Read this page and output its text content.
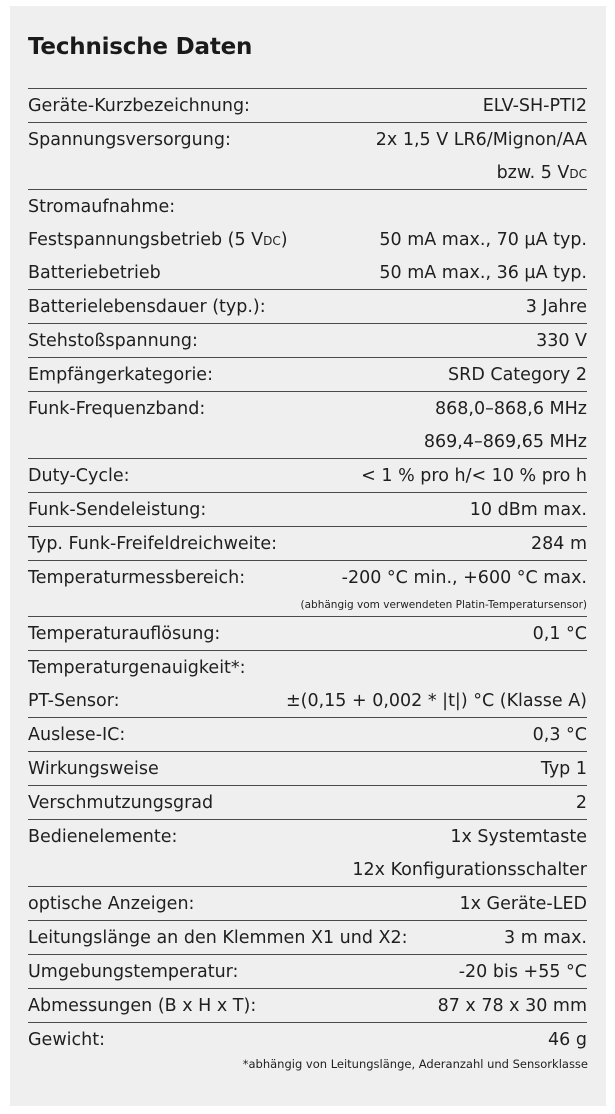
Technische Daten
Geräte-Kurzbezeichnung:	ELV-SH-PTI2
Spannungsversorgung:	2x 1,5 V LR6/Mignon/AA
bzw. 5 VDC
Stromaufnahme:
Festspannungsbetrieb (5 VDC)	50 mA max., 70 µA typ.
Batteriebetrieb	50 mA max., 36 µA typ.
Batterielebensdauer (typ.):	3 Jahre
Stehstoßspannung:	330 V
Empfängerkategorie:	SRD Category 2
Funk-Frequenzband:	868,0–868,6 MHz
869,4–869,65 MHz
Duty-Cycle:	< 1 % pro h/< 10 % pro h
Funk-Sendeleistung:	10 dBm max.
Typ. Funk-Freifeldreichweite:	284 m
Temperaturmessbereich:	-200 °C min., +600 °C max.
(abhängig vom verwendeten Platin-Temperatursensor)
Temperaturauflösung:	0,1 °C
Temperaturgenauigkeit*:
PT-Sensor:	±(0,15 + 0,002 * |t|) °C (Klasse A)
Auslese-IC:	0,3 °C
Wirkungsweise	Typ 1
Verschmutzungsgrad	2
Bedienelemente:	1x Systemtaste
12x Konfigurationsschalter
optische Anzeigen:	1x Geräte-LED
Leitungslänge an den Klemmen X1 und X2:	3 m max.
Umgebungstemperatur:	-20 bis +55 °C
Abmessungen (B x H x T):	87 x 78 x 30 mm
Gewicht:	46 g
*abhängig von Leitungslänge, Aderanzahl und Sensorklasse
